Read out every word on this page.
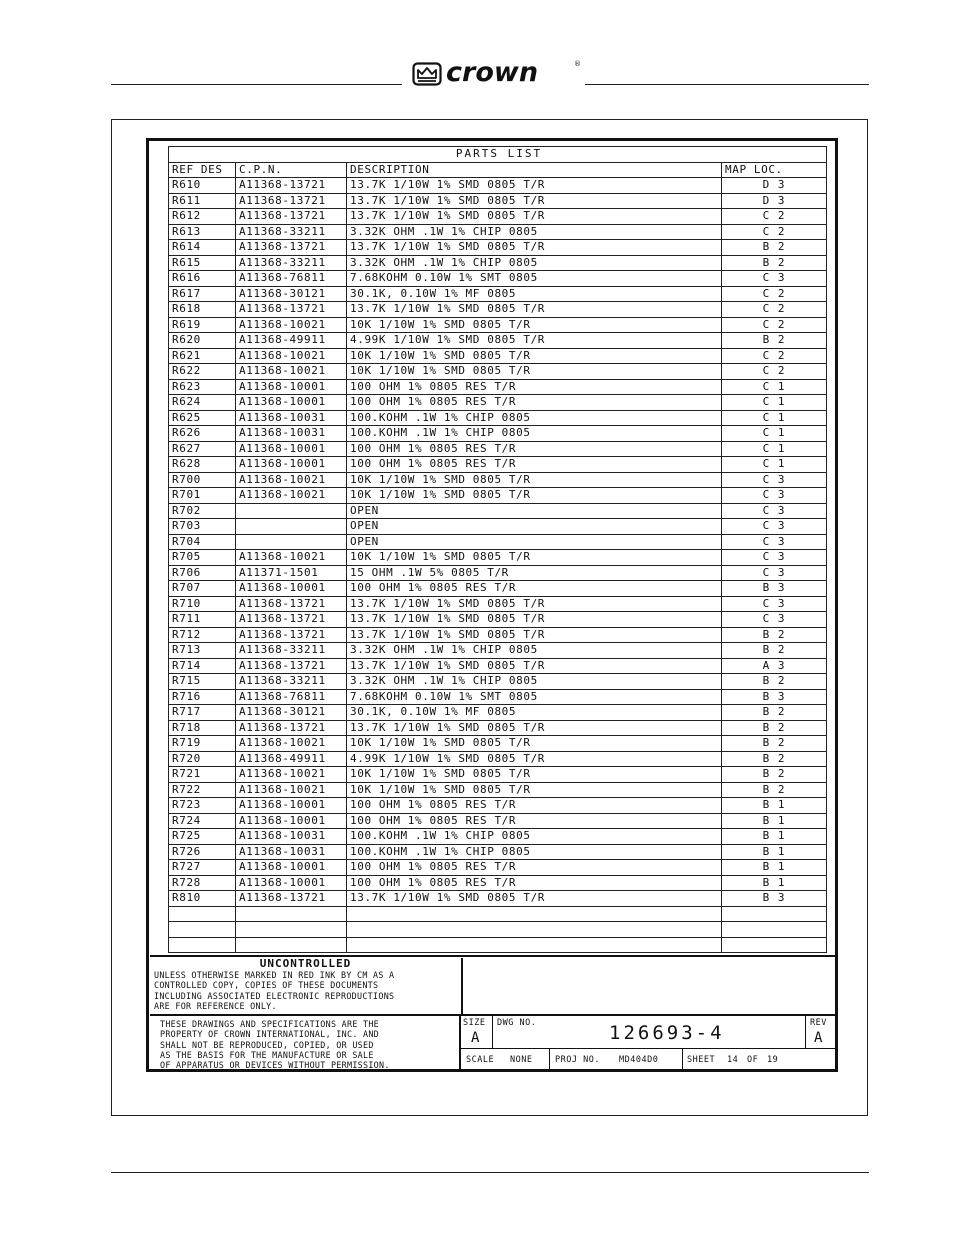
crown	®
PARTS LIST			
REF DES	C.P.N.	DESCRIPTION	MAP LOC.
R610	A11368-13721	13.7K 1/10W 1% SMD 0805 T/R	D 3
R611	A11368-13721	13.7K 1/10W 1% SMD 0805 T/R	D 3
R612	A11368-13721	13.7K 1/10W 1% SMD 0805 T/R	C 2
R613	A11368-33211	3.32K OHM .1W 1% CHIP 0805	C 2
R614	A11368-13721	13.7K 1/10W 1% SMD 0805 T/R	B 2
R615	A11368-33211	3.32K OHM .1W 1% CHIP 0805	B 2
R616	A11368-76811	7.68KOHM 0.10W 1% SMT 0805	C 3
R617	A11368-30121	30.1K, 0.10W 1% MF 0805	C 2
R618	A11368-13721	13.7K 1/10W 1% SMD 0805 T/R	C 2
R619	A11368-10021	10K 1/10W 1% SMD 0805 T/R	C 2
R620	A11368-49911	4.99K 1/10W 1% SMD 0805 T/R	B 2
R621	A11368-10021	10K 1/10W 1% SMD 0805 T/R	C 2
R622	A11368-10021	10K 1/10W 1% SMD 0805 T/R	C 2
R623	A11368-10001	100 OHM 1% 0805 RES T/R	C 1
R624	A11368-10001	100 OHM 1% 0805 RES T/R	C 1
R625	A11368-10031	100.KOHM .1W 1% CHIP 0805	C 1
R626	A11368-10031	100.KOHM .1W 1% CHIP 0805	C 1
R627	A11368-10001	100 OHM 1% 0805 RES T/R	C 1
R628	A11368-10001	100 OHM 1% 0805 RES T/R	C 1
R700	A11368-10021	10K 1/10W 1% SMD 0805 T/R	C 3
R701	A11368-10021	10K 1/10W 1% SMD 0805 T/R	C 3
R702		OPEN	C 3
R703		OPEN	C 3
R704		OPEN	C 3
R705	A11368-10021	10K 1/10W 1% SMD 0805 T/R	C 3
R706	A11371-1501	15 OHM .1W 5% 0805 T/R	C 3
R707	A11368-10001	100 OHM 1% 0805 RES T/R	B 3
R710	A11368-13721	13.7K 1/10W 1% SMD 0805 T/R	C 3
R711	A11368-13721	13.7K 1/10W 1% SMD 0805 T/R	C 3
R712	A11368-13721	13.7K 1/10W 1% SMD 0805 T/R	B 2
R713	A11368-33211	3.32K OHM .1W 1% CHIP 0805	B 2
R714	A11368-13721	13.7K 1/10W 1% SMD 0805 T/R	A 3
R715	A11368-33211	3.32K OHM .1W 1% CHIP 0805	B 2
R716	A11368-76811	7.68KOHM 0.10W 1% SMT 0805	B 3
R717	A11368-30121	30.1K, 0.10W 1% MF 0805	B 2
R718	A11368-13721	13.7K 1/10W 1% SMD 0805 T/R	B 2
R719	A11368-10021	10K 1/10W 1% SMD 0805 T/R	B 2
R720	A11368-49911	4.99K 1/10W 1% SMD 0805 T/R	B 2
R721	A11368-10021	10K 1/10W 1% SMD 0805 T/R	B 2
R722	A11368-10021	10K 1/10W 1% SMD 0805 T/R	B 2
R723	A11368-10001	100 OHM 1% 0805 RES T/R	B 1
R724	A11368-10001	100 OHM 1% 0805 RES T/R	B 1
R725	A11368-10031	100.KOHM .1W 1% CHIP 0805	B 1
R726	A11368-10031	100.KOHM .1W 1% CHIP 0805	B 1
R727	A11368-10001	100 OHM 1% 0805 RES T/R	B 1
R728	A11368-10001	100 OHM 1% 0805 RES T/R	B 1
R810	A11368-13721	13.7K 1/10W 1% SMD 0805 T/R	B 3

UNCONTROLLED
UNLESS OTHERWISE MARKED IN RED INK BY CM AS A
CONTROLLED COPY, COPIES OF THESE DOCUMENTS
INCLUDING ASSOCIATED ELECTRONIC REPRODUCTIONS
ARE FOR REFERENCE ONLY.
THESE DRAWINGS AND SPECIFICATIONS ARE THE
PROPERTY OF CROWN INTERNATIONAL, INC. AND
SHALL NOT BE REPRODUCED, COPIED, OR USED
AS THE BASIS FOR THE MANUFACTURE OR SALE
OF APPARATUS OR DEVICES WITHOUT PERMISSION.
SIZE
A
DWG NO.	126693-4	REV
A
SCALE NONE	PROJ NO. MD404D0	SHEET 14 OF 19
